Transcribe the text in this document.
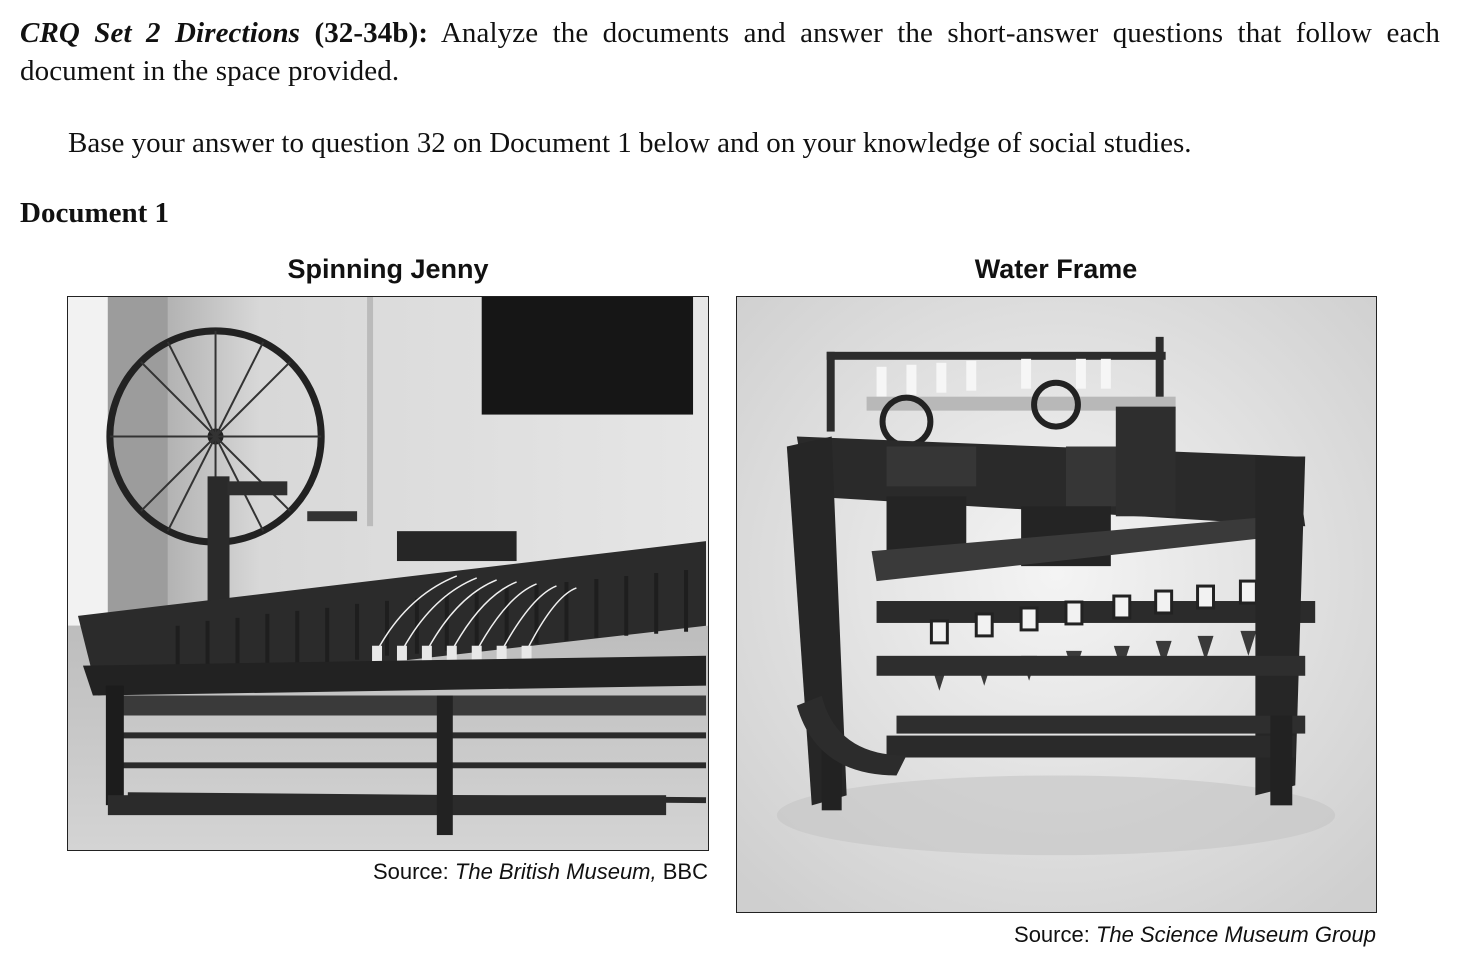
CRQ Set 2 Directions (32-34b): Analyze the documents and answer the short-answer questions that follow each document in the space provided.
Base your answer to question 32 on Document 1 below and on your knowledge of social studies.
Document 1
Spinning Jenny
Source: The British Museum, BBC
Water Frame
Source: The Science Museum Group
